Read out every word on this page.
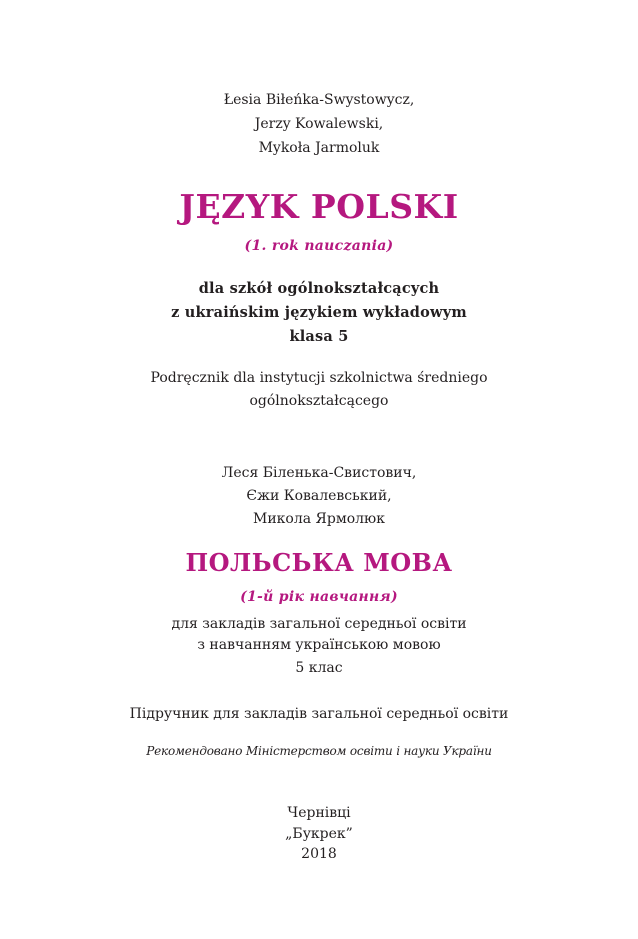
Łesia Biłeńka-Swystowycz,
Jerzy Kowalewski,
Mykoła Jarmoluk
JĘZYK POLSKI
(1. rok nauczania)
dla szkół ogólnokształcących
z ukraińskim językiem wykładowym
klasa 5
Podręcznik dla instytucji szkolnictwa średniego
ogólnokształcącego
Леся Біленька-Свистович,
Єжи Ковалевський,
Микола Ярмолюк
ПОЛЬСЬКА МОВА
(1-й рік навчання)
для закладів загальної середньої освіти
з навчанням українською мовою
5 клас
Підручник для закладів загальної середньої освіти
Рекомендовано Міністерством освіти і науки України
Чернівці
„Букрек”
2018
